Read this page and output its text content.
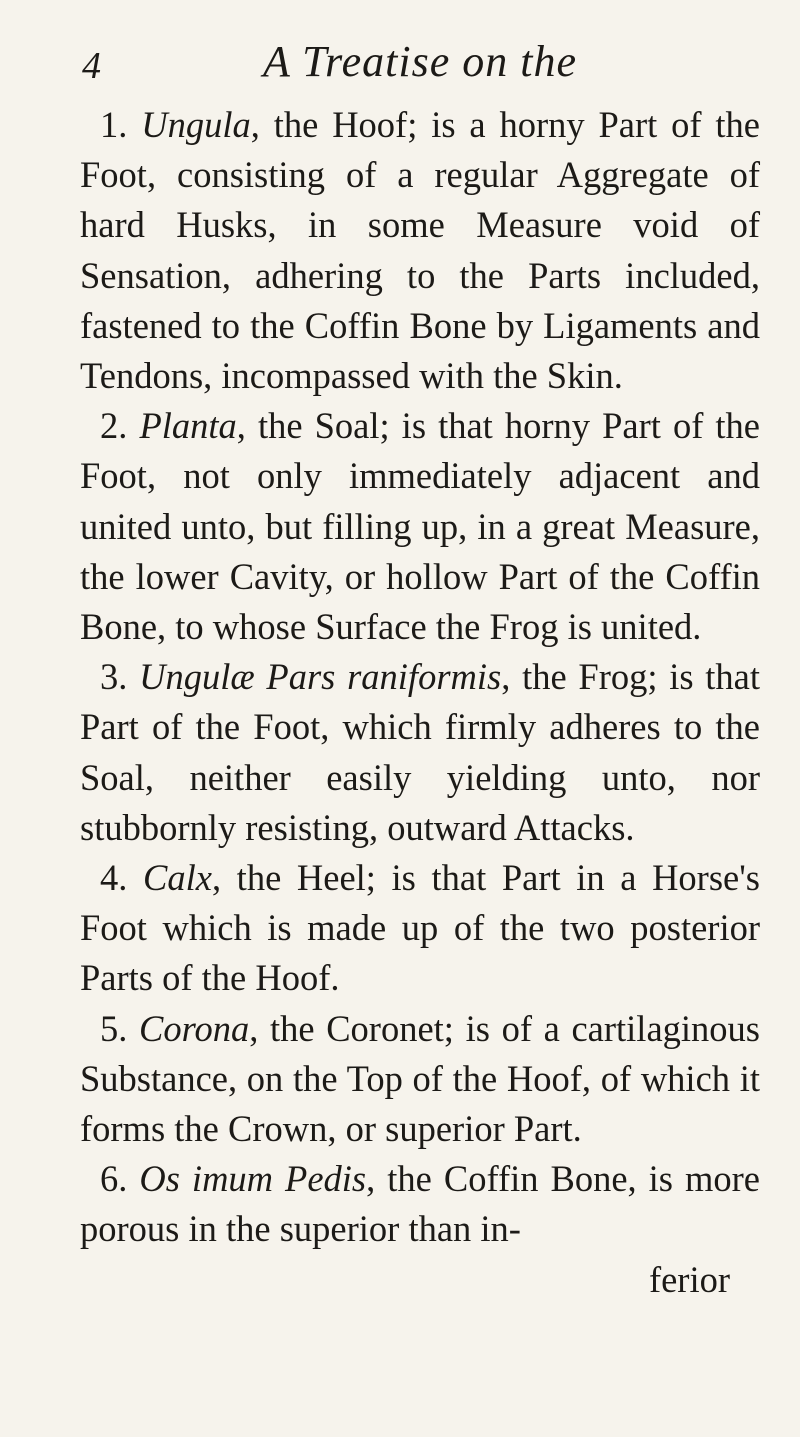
4	A Treatise on the

1. Ungula, the Hoof; is a horny Part of the Foot, consisting of a regular Aggregate of hard Husks, in some Measure void of Sensation, adhering to the Parts included, fastened to the Coffin Bone by Ligaments and Tendons, incompassed with the Skin.

2. Planta, the Soal; is that horny Part of the Foot, not only immediately adjacent and united unto, but filling up, in a great Measure, the lower Cavity, or hollow Part of the Coffin Bone, to whose Surface the Frog is united.

3. Ungulæ Pars raniformis, the Frog; is that Part of the Foot, which firmly adheres to the Soal, neither easily yielding unto, nor stubbornly resisting, outward Attacks.

4. Calx, the Heel; is that Part in a Horse's Foot which is made up of the two posterior Parts of the Hoof.

5. Corona, the Coronet; is of a cartilaginous Substance, on the Top of the Hoof, of which it forms the Crown, or superior Part.

6. Os imum Pedis, the Coffin Bone, is more porous in the superior than in-

ferior
